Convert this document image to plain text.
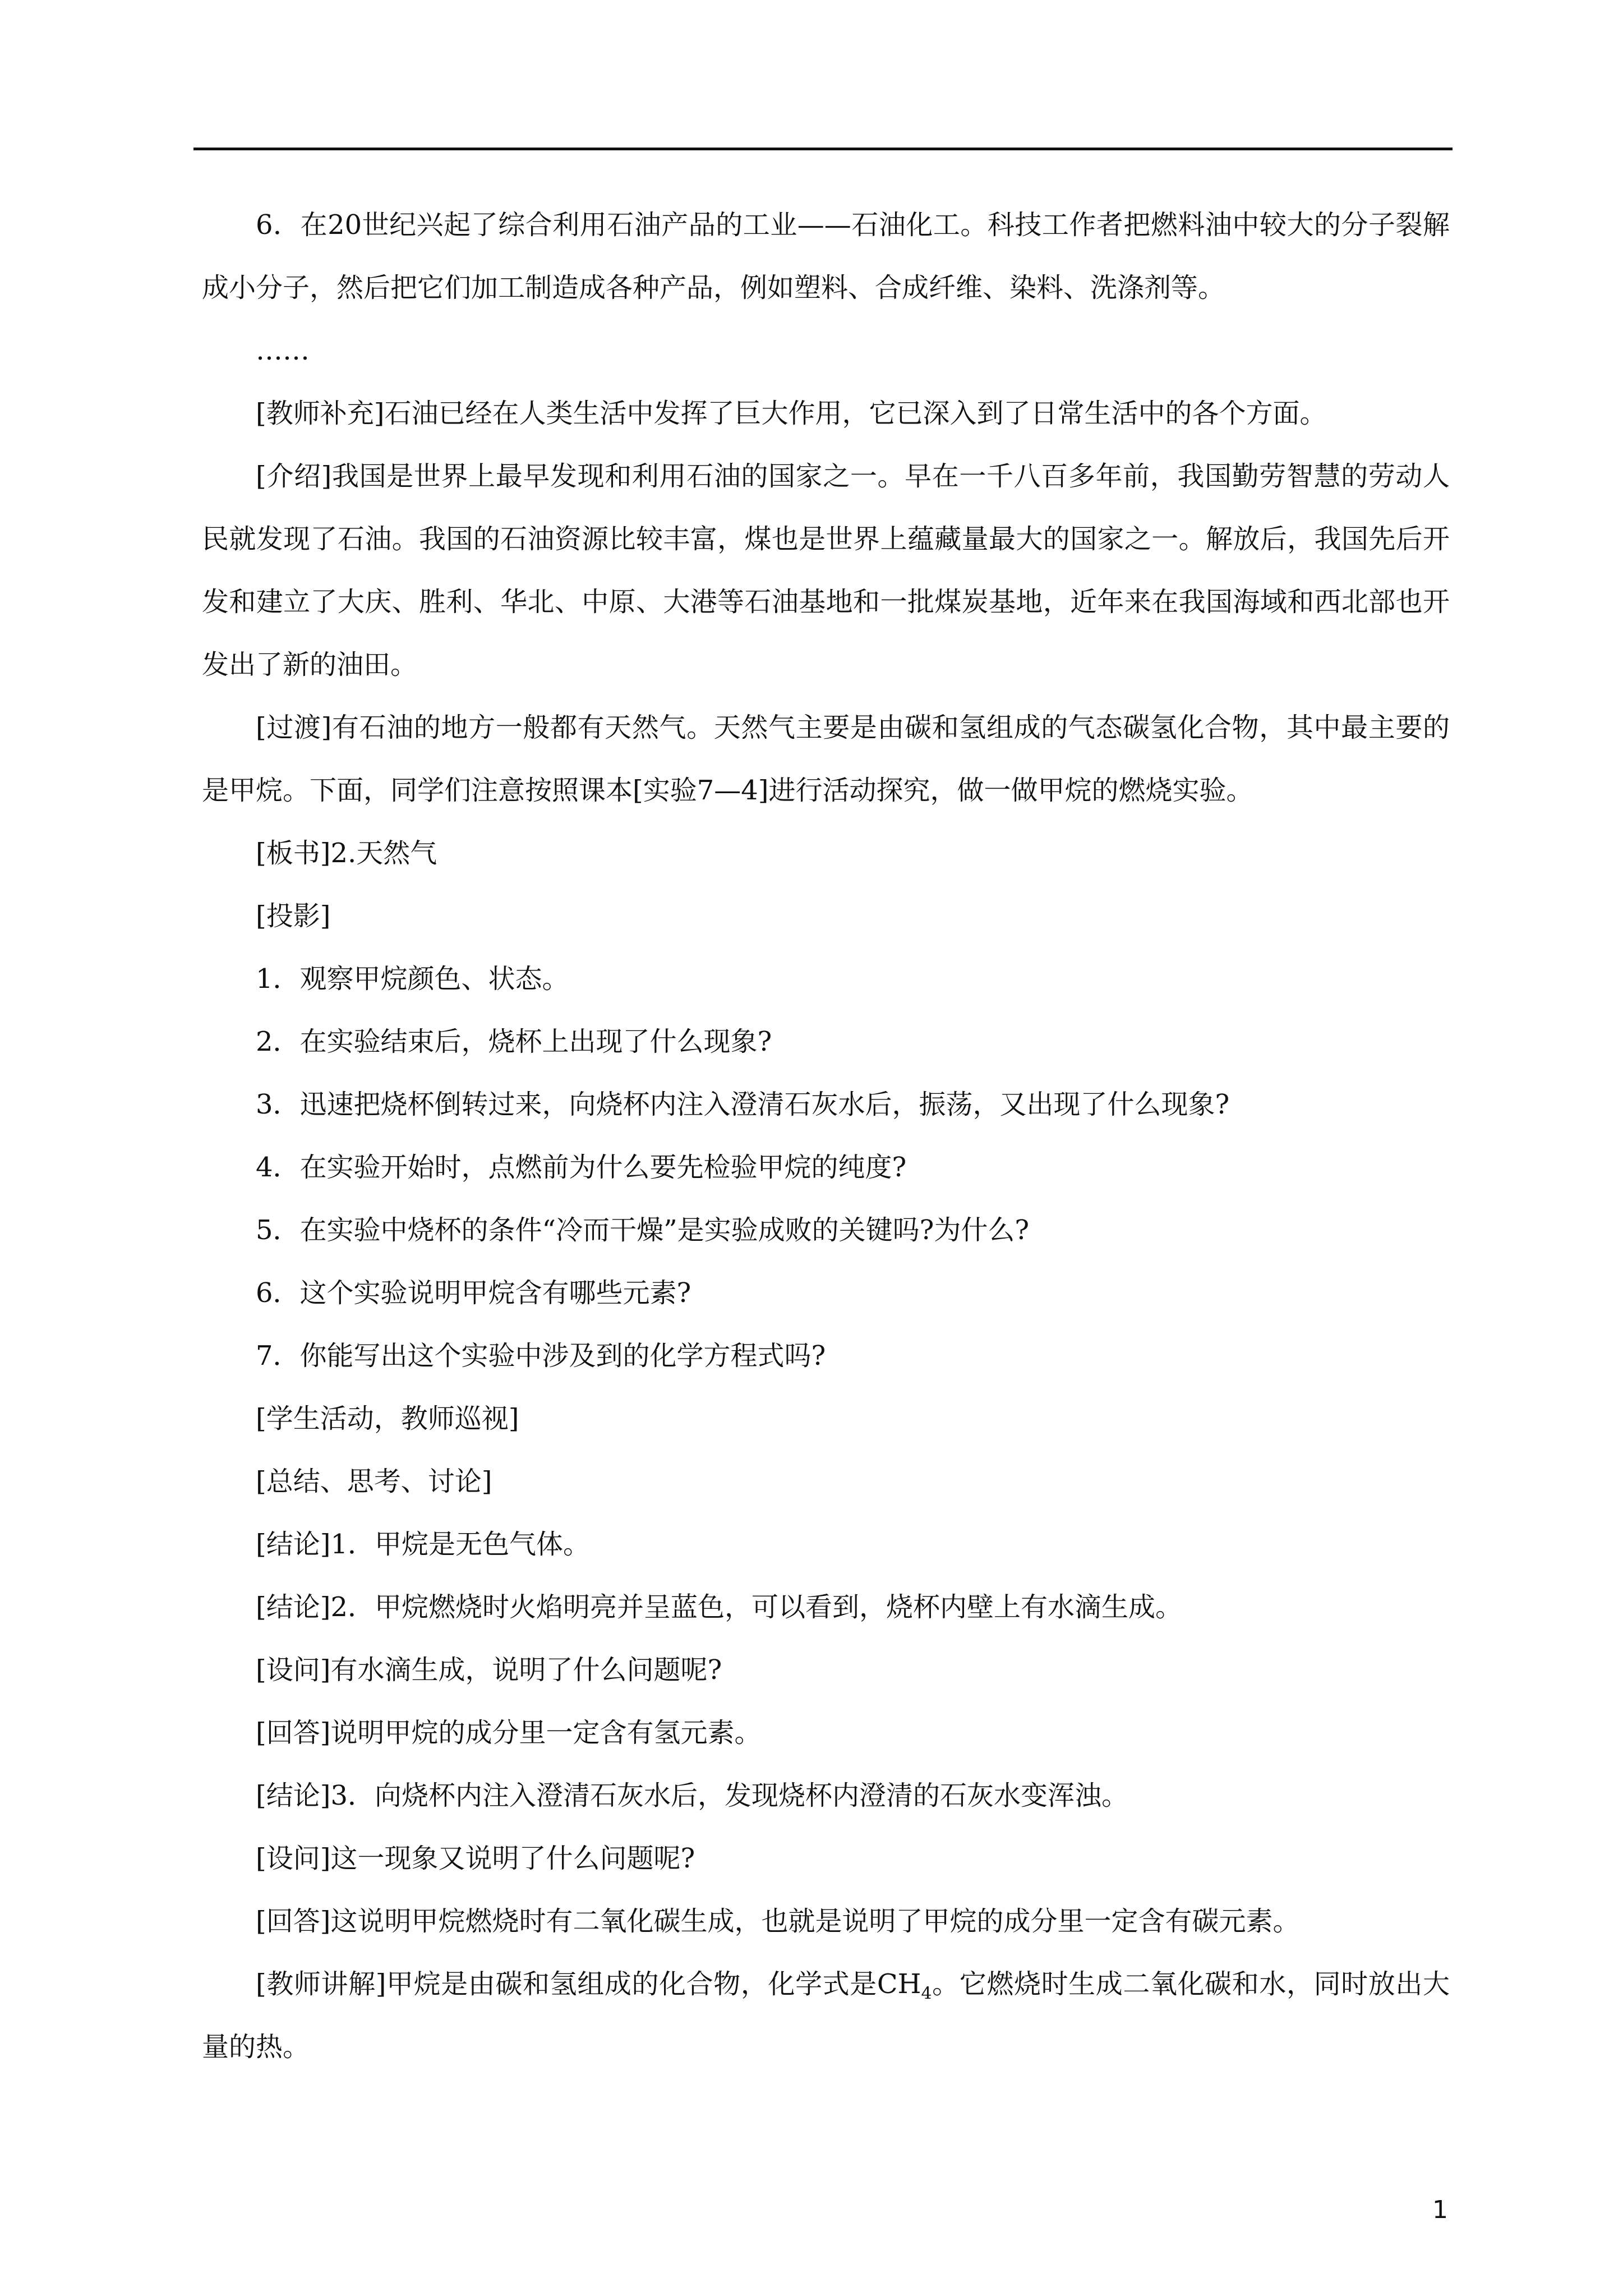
6．在20世纪兴起了综合利用石油产品的工业——石油化工。科技工作者把燃料油中较大的分子裂解成小分子，然后把它们加工制造成各种产品，例如塑料、合成纤维、染料、洗涤剂等。

……

[教师补充]石油已经在人类生活中发挥了巨大作用，它已深入到了日常生活中的各个方面。

[介绍]我国是世界上最早发现和利用石油的国家之一。早在一千八百多年前，我国勤劳智慧的劳动人民就发现了石油。我国的石油资源比较丰富，煤也是世界上蕴藏量最大的国家之一。解放后，我国先后开发和建立了大庆、胜利、华北、中原、大港等石油基地和一批煤炭基地，近年来在我国海域和西北部也开发出了新的油田。

[过渡]有石油的地方一般都有天然气。天然气主要是由碳和氢组成的气态碳氢化合物，其中最主要的是甲烷。下面，同学们注意按照课本[实验7—4]进行活动探究，做一做甲烷的燃烧实验。

[板书]2.天然气

[投影]

1．观察甲烷颜色、状态。

2．在实验结束后，烧杯上出现了什么现象?

3．迅速把烧杯倒转过来，向烧杯内注入澄清石灰水后，振荡，又出现了什么现象?

4．在实验开始时，点燃前为什么要先检验甲烷的纯度?

5．在实验中烧杯的条件“冷而干燥”是实验成败的关键吗?为什么?

6．这个实验说明甲烷含有哪些元素?

7．你能写出这个实验中涉及到的化学方程式吗?

[学生活动，教师巡视]

[总结、思考、讨论]

[结论]1．甲烷是无色气体。

[结论]2．甲烷燃烧时火焰明亮并呈蓝色，可以看到，烧杯内壁上有水滴生成。

[设问]有水滴生成，说明了什么问题呢?

[回答]说明甲烷的成分里一定含有氢元素。

[结论]3．向烧杯内注入澄清石灰水后，发现烧杯内澄清的石灰水变浑浊。

[设问]这一现象又说明了什么问题呢?

[回答]这说明甲烷燃烧时有二氧化碳生成，也就是说明了甲烷的成分里一定含有碳元素。

[教师讲解]甲烷是由碳和氢组成的化合物，化学式是$CH_4$。它燃烧时生成二氧化碳和水，同时放出大量的热。

1
